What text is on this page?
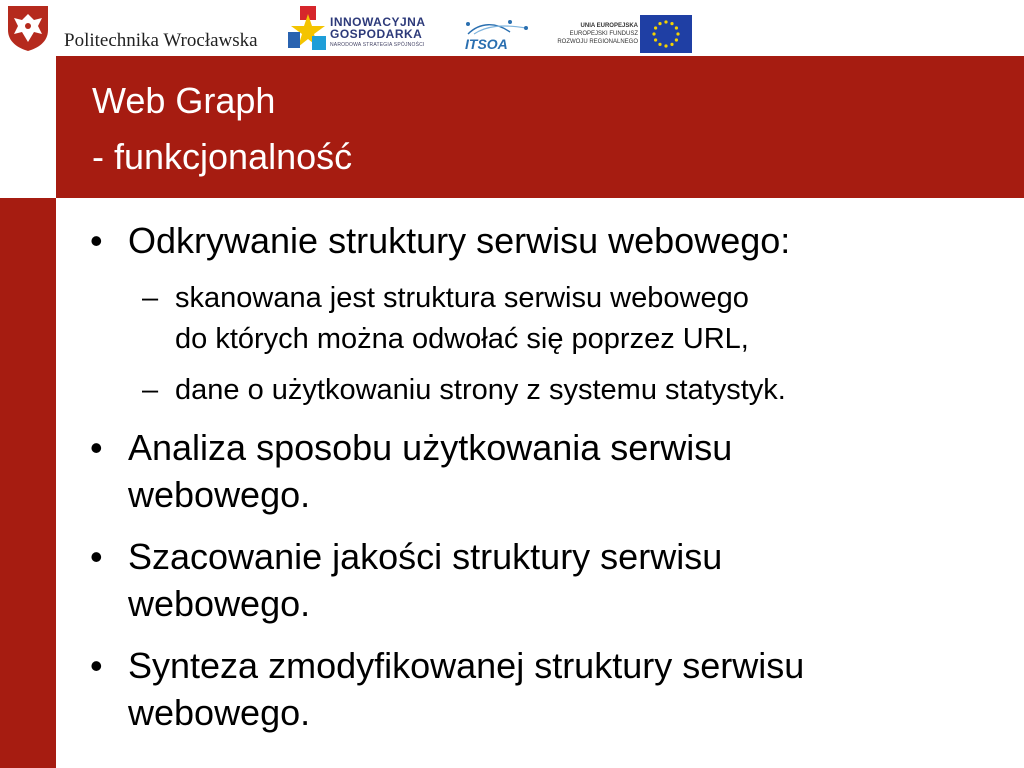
Politechnika Wrocławska
INNOWACYJNA
GOSPODARKA
NARODOWA STRATEGIA SPÓJNOŚCI	ITSOA
UNIA EUROPEJSKA
EUROPEJSKI FUNDUSZ
ROZWOJU REGIONALNEGO
Web Graph
- funkcjonalność
• Odkrywanie struktury serwisu webowego:
– skanowana jest struktura serwisu webowego
do których można odwołać się poprzez URL,
– dane o użytkowaniu strony z systemu statystyk.
• Analiza sposobu użytkowania serwisu
webowego.
• Szacowanie jakości struktury serwisu
webowego.
• Synteza zmodyfikowanej struktury serwisu
webowego.
